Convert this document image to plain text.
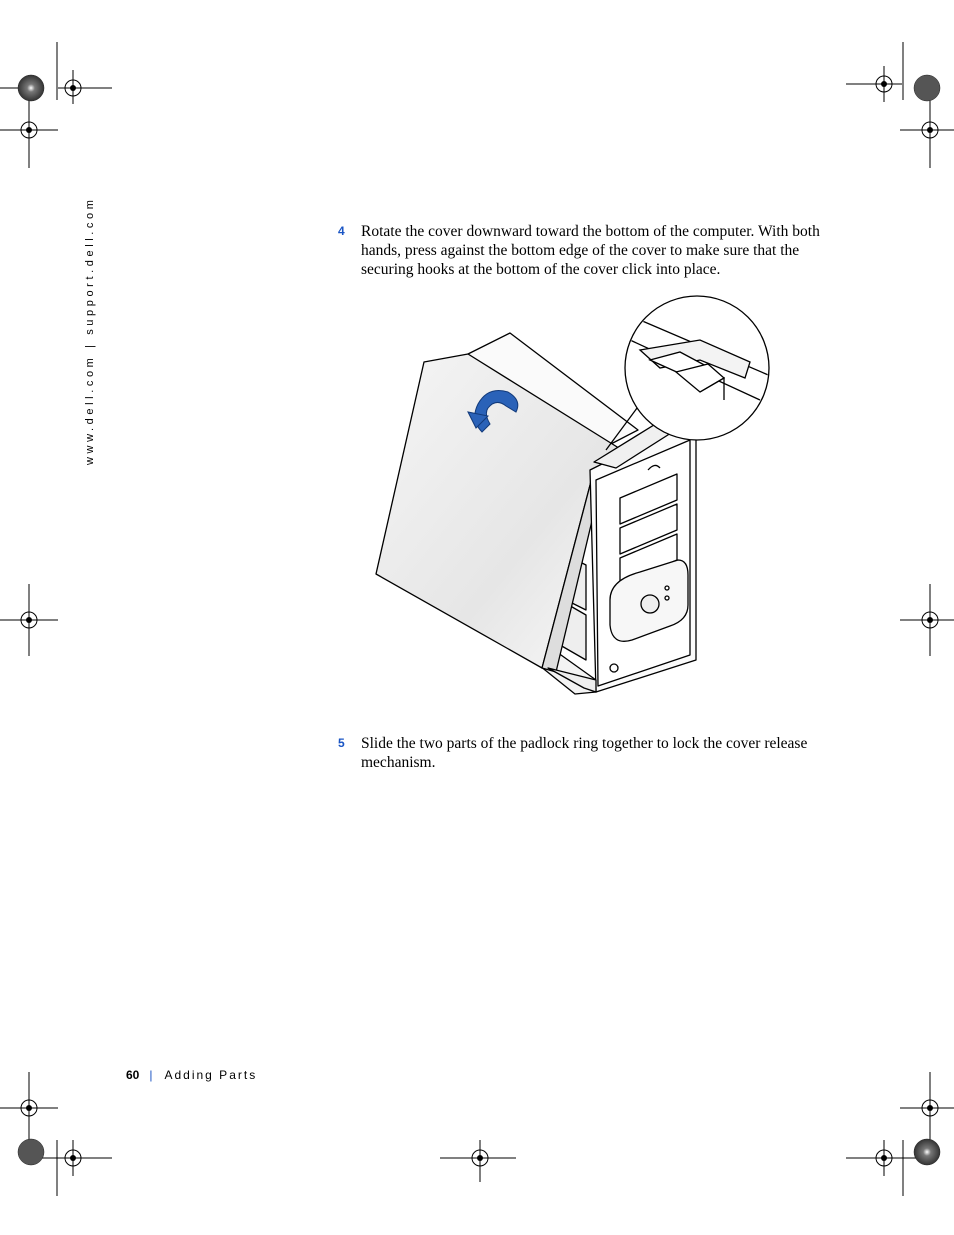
www.dell.com | support.dell.com	4 Rotate the cover downward toward the bottom of the computer. With both hands, press against the bottom edge of the cover to make sure that the securing hooks at the bottom of the cover click into place.
5 Slide the two parts of the padlock ring together to lock the cover release mechanism.
60 | Adding Parts
